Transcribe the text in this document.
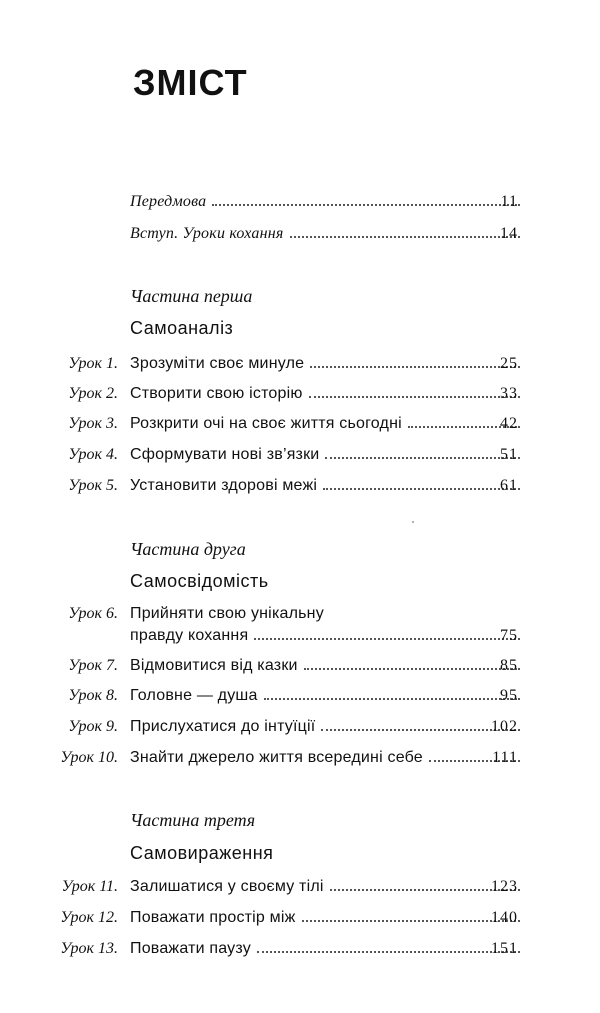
ЗМІСТ
Передмова	11
Вступ. Уроки кохання	14
Частина перша
Самоаналіз
Урок 1. Зрозуміти своє минуле	25
Урок 2. Створити свою історію	33
Урок 3. Розкрити очі на своє життя сьогодні	42
Урок 4. Сформувати нові зв’язки	51
Урок 5. Установити здорові межі	61
Частина друга
Самосвідомість
Урок 6. Прийняти свою унікальну
правду кохання	75
Урок 7. Відмовитися від казки	85
Урок 8. Головне — душа	95
Урок 9. Прислухатися до інтуїції	102
Урок 10. Знайти джерело життя всередині себе	111
Частина третя
Самовираження
Урок 11. Залишатися у своєму тілі	123
Урок 12. Поважати простір між	140
Урок 13. Поважати паузу	151
